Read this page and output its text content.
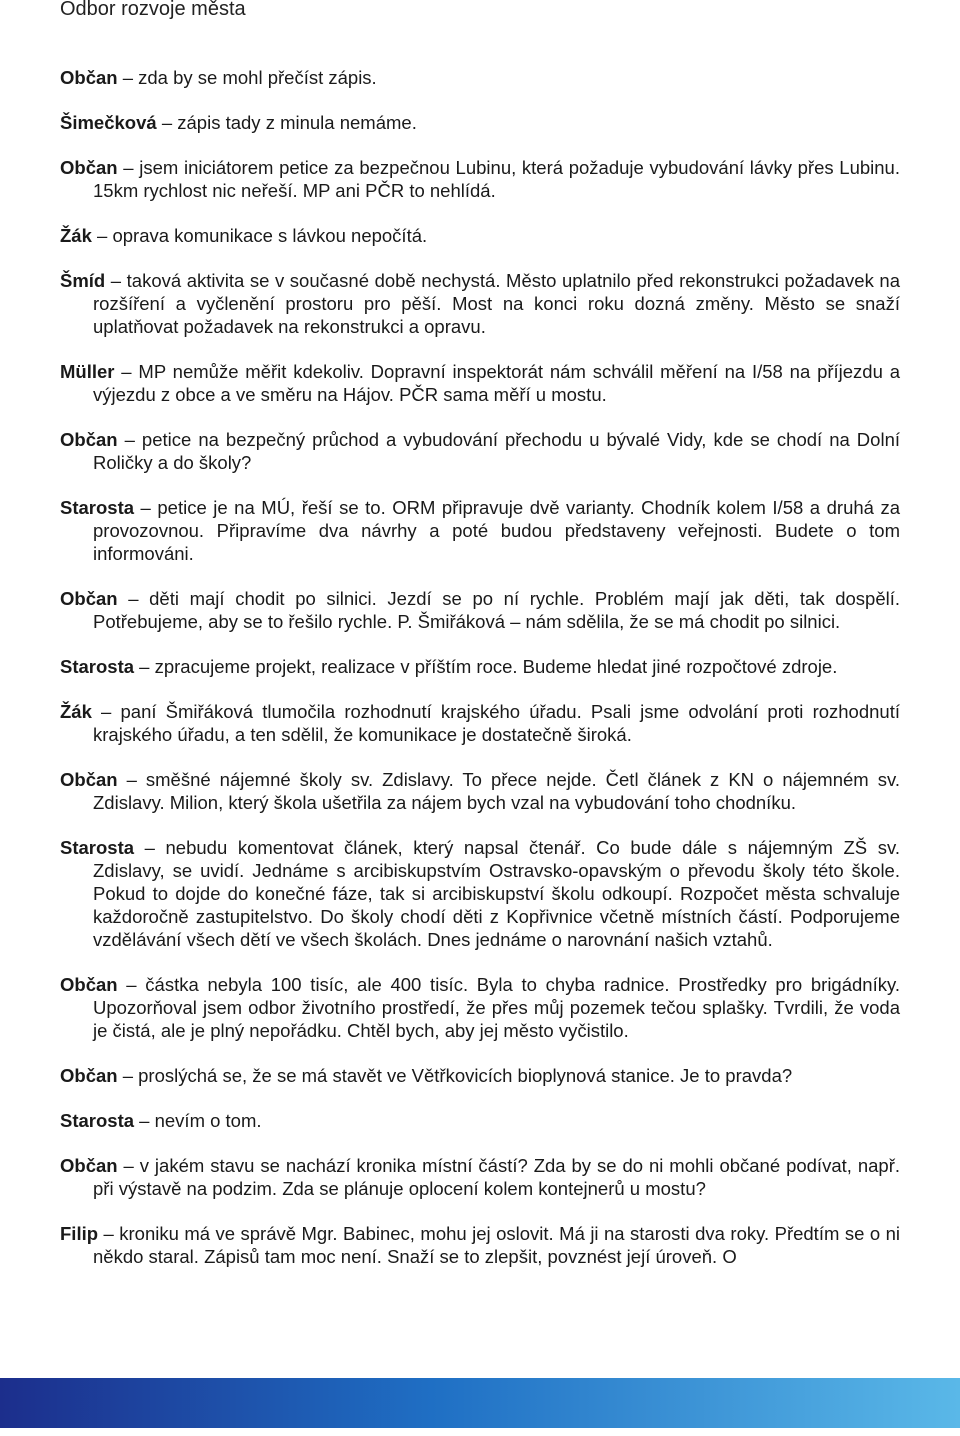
Odbor rozvoje města

Občan – zda by se mohl přečíst zápis.

Šimečková – zápis tady z minula nemáme.

Občan – jsem iniciátorem petice za bezpečnou Lubinu, která požaduje vybudování lávky přes Lubinu. 15km rychlost nic neřeší. MP ani PČR to nehlídá.

Žák – oprava komunikace s lávkou nepočítá.

Šmíd – taková aktivita se v současné době nechystá. Město uplatnilo před rekonstrukci požadavek na rozšíření a vyčlenění prostoru pro pěší. Most na konci roku dozná změny. Město se snaží uplatňovat požadavek na rekonstrukci a opravu.

Müller – MP nemůže měřit kdekoliv. Dopravní inspektorát nám schválil měření na I/58 na příjezdu a výjezdu z obce a ve směru na Hájov. PČR sama měří u mostu.

Občan – petice na bezpečný průchod a vybudování přechodu u bývalé Vidy, kde se chodí na Dolní Roličky a do školy?

Starosta – petice je na MÚ, řeší se to. ORM připravuje dvě varianty. Chodník kolem I/58 a druhá za provozovnou. Připravíme dva návrhy a poté budou představeny veřejnosti. Budete o tom informováni.

Občan – děti mají chodit po silnici. Jezdí se po ní rychle. Problém mají jak děti, tak dospělí. Potřebujeme, aby se to řešilo rychle. P. Šmiřáková – nám sdělila, že se má chodit po silnici.

Starosta – zpracujeme projekt, realizace v příštím roce. Budeme hledat jiné rozpočtové zdroje.

Žák – paní Šmiřáková tlumočila rozhodnutí krajského úřadu. Psali jsme odvolání proti rozhodnutí krajského úřadu, a ten sdělil, že komunikace je dostatečně široká.

Občan – směšné nájemné školy sv. Zdislavy. To přece nejde. Četl článek z KN o nájemném sv. Zdislavy. Milion, který škola ušetřila za nájem bych vzal na vybudování toho chodníku.

Starosta – nebudu komentovat článek, který napsal čtenář. Co bude dále s nájemným ZŠ sv. Zdislavy, se uvidí. Jednáme s arcibiskupstvím Ostravsko-opavským o převodu školy této škole. Pokud to dojde do konečné fáze, tak si arcibiskupství školu odkoupí. Rozpočet města schvaluje každoročně zastupitelstvo. Do školy chodí děti z Kopřivnice včetně místních částí. Podporujeme vzdělávání všech dětí ve všech školách. Dnes jednáme o narovnání našich vztahů.

Občan – částka nebyla 100 tisíc, ale 400 tisíc. Byla to chyba radnice. Prostředky pro brigádníky. Upozorňoval jsem odbor životního prostředí, že přes můj pozemek tečou splašky. Tvrdili, že voda je čistá, ale je plný nepořádku. Chtěl bych, aby jej město vyčistilo.

Občan – proslýchá se, že se má stavět ve Větřkovicích bioplynová stanice. Je to pravda?

Starosta – nevím o tom.

Občan – v jakém stavu se nachází kronika místní částí? Zda by se do ni mohli občané podívat, např. při výstavě na podzim. Zda se plánuje oplocení kolem kontejnerů u mostu?

Filip – kroniku má ve správě Mgr. Babinec, mohu jej oslovit. Má ji na starosti dva roky. Předtím se o ni někdo staral. Zápisů tam moc není. Snaží se to zlepšit, povznést její úroveň. O
